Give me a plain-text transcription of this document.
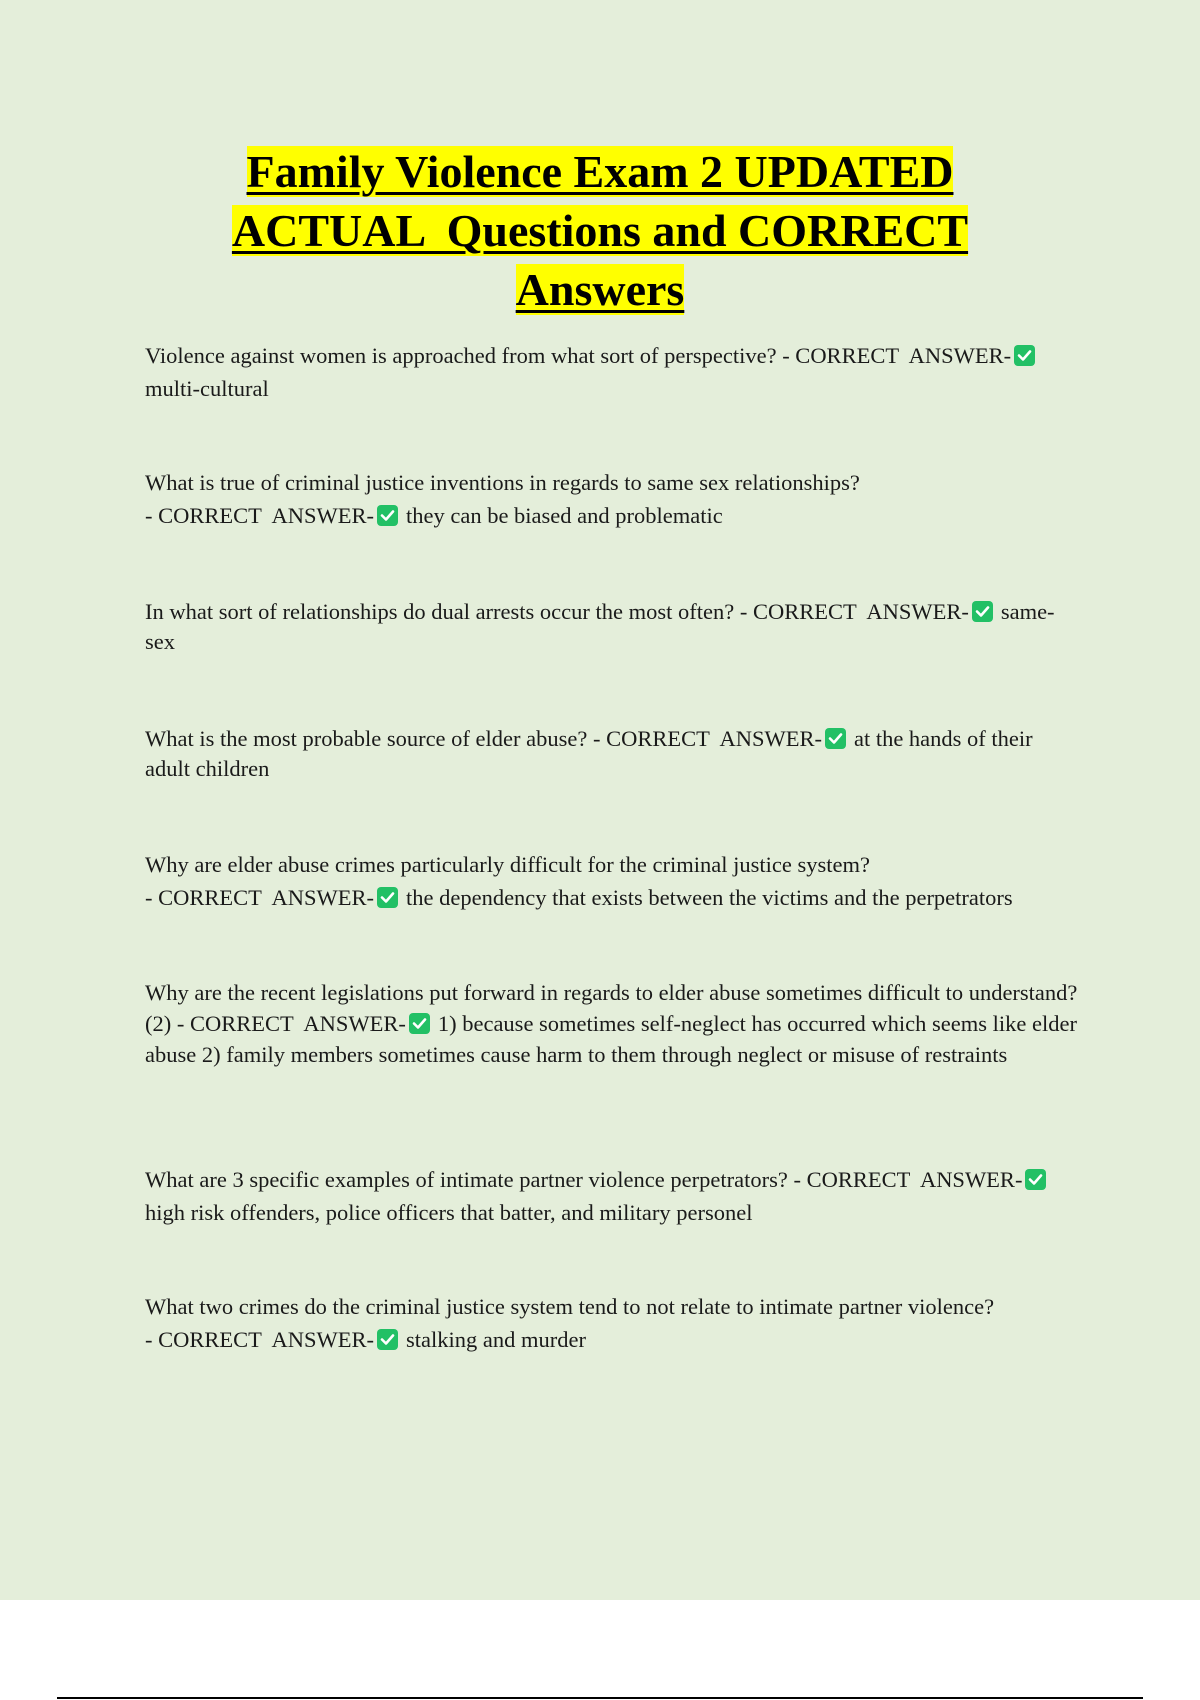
Family Violence Exam 2 UPDATED
ACTUAL  Questions and CORRECT
Answers

Violence against women is approached from what sort of perspective? - CORRECT  ANSWER-
multi-cultural

What is true of criminal justice inventions in regards to same sex relationships? - CORRECT  ANSWER- they can be biased and problematic

In what sort of relationships do dual arrests occur the most often? - CORRECT  ANSWER- same-sex

What is the most probable source of elder abuse? - CORRECT  ANSWER- at the hands of their adult children

Why are elder abuse crimes particularly difficult for the criminal justice system? - CORRECT  ANSWER- the dependency that exists between the victims and the perpetrators

Why are the recent legislations put forward in regards to elder abuse sometimes difficult to understand? (2) - CORRECT  ANSWER- 1) because sometimes self-neglect has occurred which seems like elder abuse 2) family members sometimes cause harm to them through neglect or misuse of restraints

What are 3 specific examples of intimate partner violence perpetrators? - CORRECT  ANSWER-
high risk offenders, police officers that batter, and military personel

What two crimes do the criminal justice system tend to not relate to intimate partner violence? - CORRECT  ANSWER- stalking and murder
